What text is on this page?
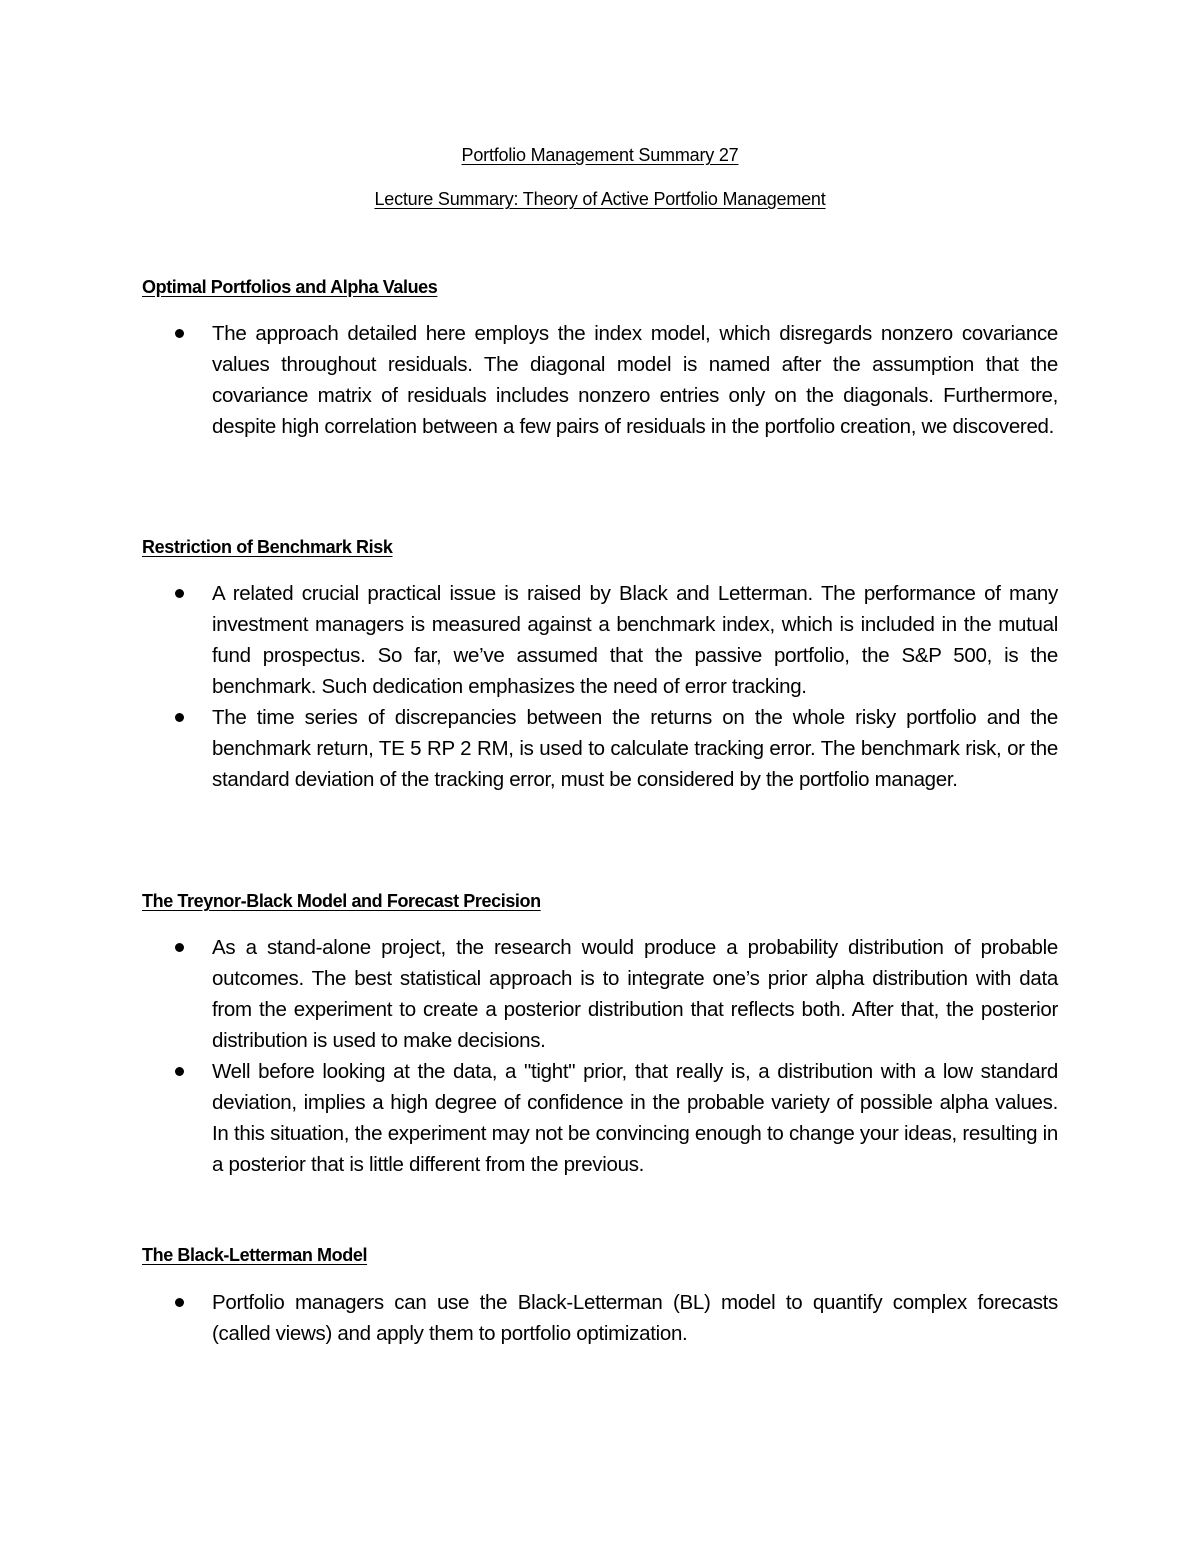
Portfolio Management Summary 27
Lecture Summary: Theory of Active Portfolio Management
Optimal Portfolios and Alpha Values
The approach detailed here employs the index model, which disregards nonzero covariance values throughout residuals. The diagonal model is named after the assumption that the covariance matrix of residuals includes nonzero entries only on the diagonals. Furthermore, despite high correlation between a few pairs of residuals in the portfolio creation, we discovered.
Restriction of Benchmark Risk
A related crucial practical issue is raised by Black and Letterman. The performance of many investment managers is measured against a benchmark index, which is included in the mutual fund prospectus. So far, we’ve assumed that the passive portfolio, the S&P 500, is the benchmark. Such dedication emphasizes the need of error tracking.
The time series of discrepancies between the returns on the whole risky portfolio and the benchmark return, TE 5 RP 2 RM, is used to calculate tracking error. The benchmark risk, or the standard deviation of the tracking error, must be considered by the portfolio manager.
The Treynor-Black Model and Forecast Precision
As a stand-alone project, the research would produce a probability distribution of probable outcomes. The best statistical approach is to integrate one’s prior alpha distribution with data from the experiment to create a posterior distribution that reflects both. After that, the posterior distribution is used to make decisions.
Well before looking at the data, a "tight" prior, that really is, a distribution with a low standard deviation, implies a high degree of confidence in the probable variety of possible alpha values. In this situation, the experiment may not be convincing enough to change your ideas, resulting in a posterior that is little different from the previous.
The Black-Letterman Model
Portfolio managers can use the Black-Letterman (BL) model to quantify complex forecasts (called views) and apply them to portfolio optimization.
